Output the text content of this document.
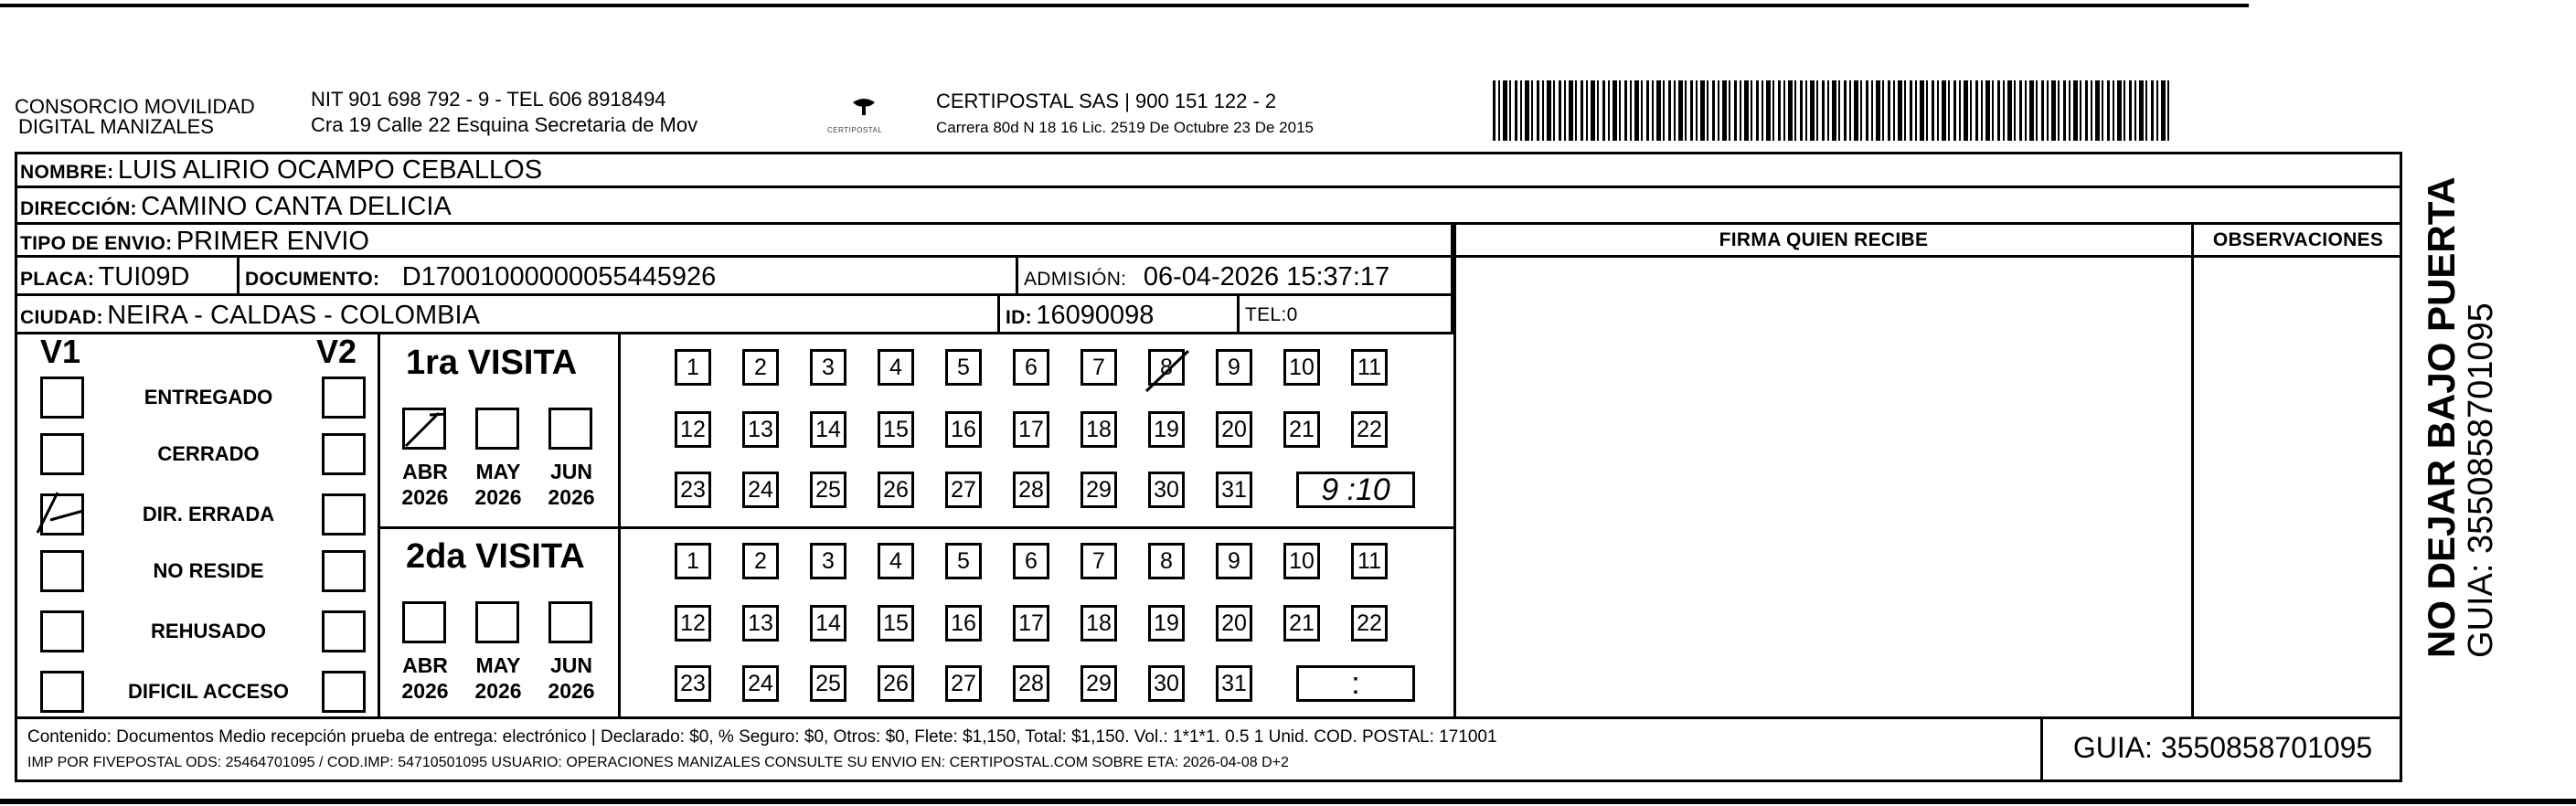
CONSORCIO MOVILIDAD
DIGITAL MANIZALES
NIT 901 698 792 - 9 - TEL 606 8918494
Cra 19 Calle 22 Esquina Secretaria de Mov	CERTIPOSTAL
CERTIPOSTAL SAS | 900 151 122 - 2
Carrera 80d N 18 16 Lic. 2519 De Octubre 23 De 2015
NOMBRE: LUIS ALIRIO OCAMPO CEBALLOS
DIRECCIÓN: CAMINO CANTA DELICIA
FIRMA QUIEN RECIBE	OBSERVACIONES
TIPO DE ENVIO: PRIMER ENVIO
PLACA: TUI09D	DOCUMENTO: D17001000000055445926	ADMISIÓN: 06-04-2026 15:37:17
CIUDAD: NEIRA - CALDAS - COLOMBIA	ID: 16090098	TEL:0
V1	V2
ENTREGADO
CERRADO
DIR. ERRADA
NO RESIDE
REHUSADO
DIFICIL ACCESO
1ra VISITA
ABR
2026
MAY
2026
JUN
2026
1	2	3	4	5	6	7	8	9	10 11
12 13 14 15 16 17 18 19 20 21 22
23 24 25 26 27 28 29 30 31	9 :10
2da VISITA
ABR
2026
MAY
2026
JUN
2026
1	2	3	4	5	6	7	8	9	10 11
12 13 14 15 16 17 18 19 20 21 22
23 24 25 26 27 28 29 30 31	:
Contenido: Documentos Medio recepción prueba de entrega: electrónico | Declarado: $0, % Seguro: $0, Otros: $0, Flete: $1,150, Total: $1,150. Vol.: 1*1*1. 0.5 1 Unid. COD. POSTAL: 171001
IMP POR FIVEPOSTAL ODS: 25464701095 / COD.IMP: 54710501095 USUARIO: OPERACIONES MANIZALES CONSULTE SU ENVIO EN: CERTIPOSTAL.COM SOBRE ETA: 2026-04-08 D+2	GUIA: 3550858701095
NO DEJAR BAJO PUERTA GUIA: 3550858701095
